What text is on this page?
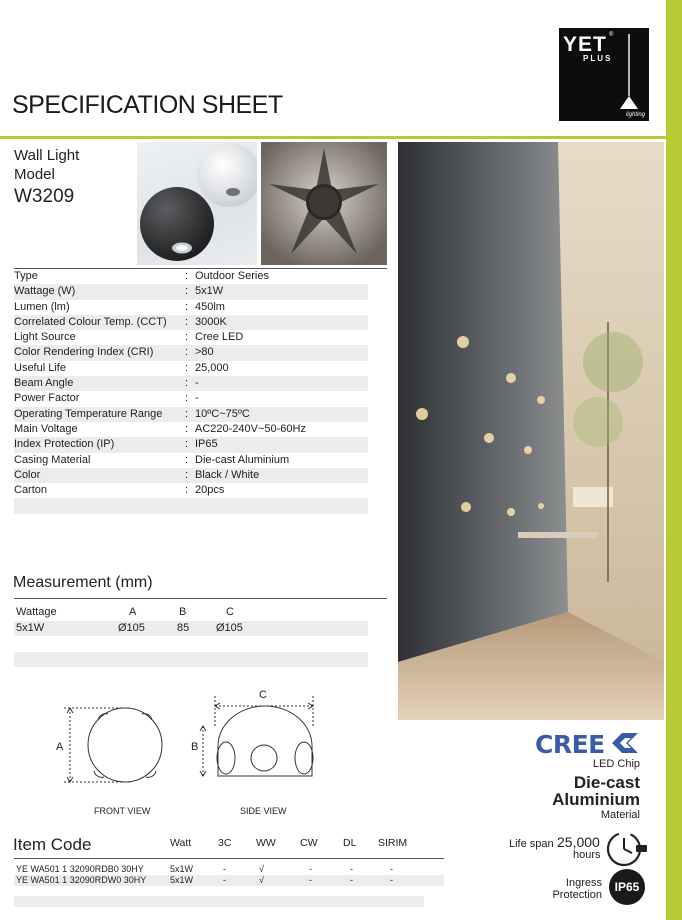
YET ®
PLUS
lighting
SPECIFICATION SHEET
Wall Light
Model
W3209
Type	: Outdoor Series
Wattage (W)	: 5x1W
Lumen (lm)	: 450lm
Correlated Colour Temp. (CCT)	: 3000K
Light Source	: Cree LED
Color Rendering Index (CRI)	: >80
Useful Life	: 25,000
Beam Angle	: -
Power Factor	: -
Operating Temperature Range	: 10ºC~75ºC
Main Voltage	: AC220-240V~50-60Hz
Index Protection (IP)	: IP65
Casing Material	: Die-cast Aluminium
Color	: Black / White
Carton	: 20pcs
Measurement (mm)
Wattage	A	B	C
5x1W	Ø105	85 Ø105
A	B
C
FRONT VIEW	SIDE VIEW
Item Code	Watt	3C WW CW DL SIRIM
YE WA501 1 32090RDB0 30HY	5x1W	-	√	-	-	-
YE WA501 1 32090RDW0 30HY	5x1W	-	√	-	-	-
CREE
LED Chip
Die-cast
Aluminium
Material
Life span 25,000
hours
Ingress
Protection
IP65
